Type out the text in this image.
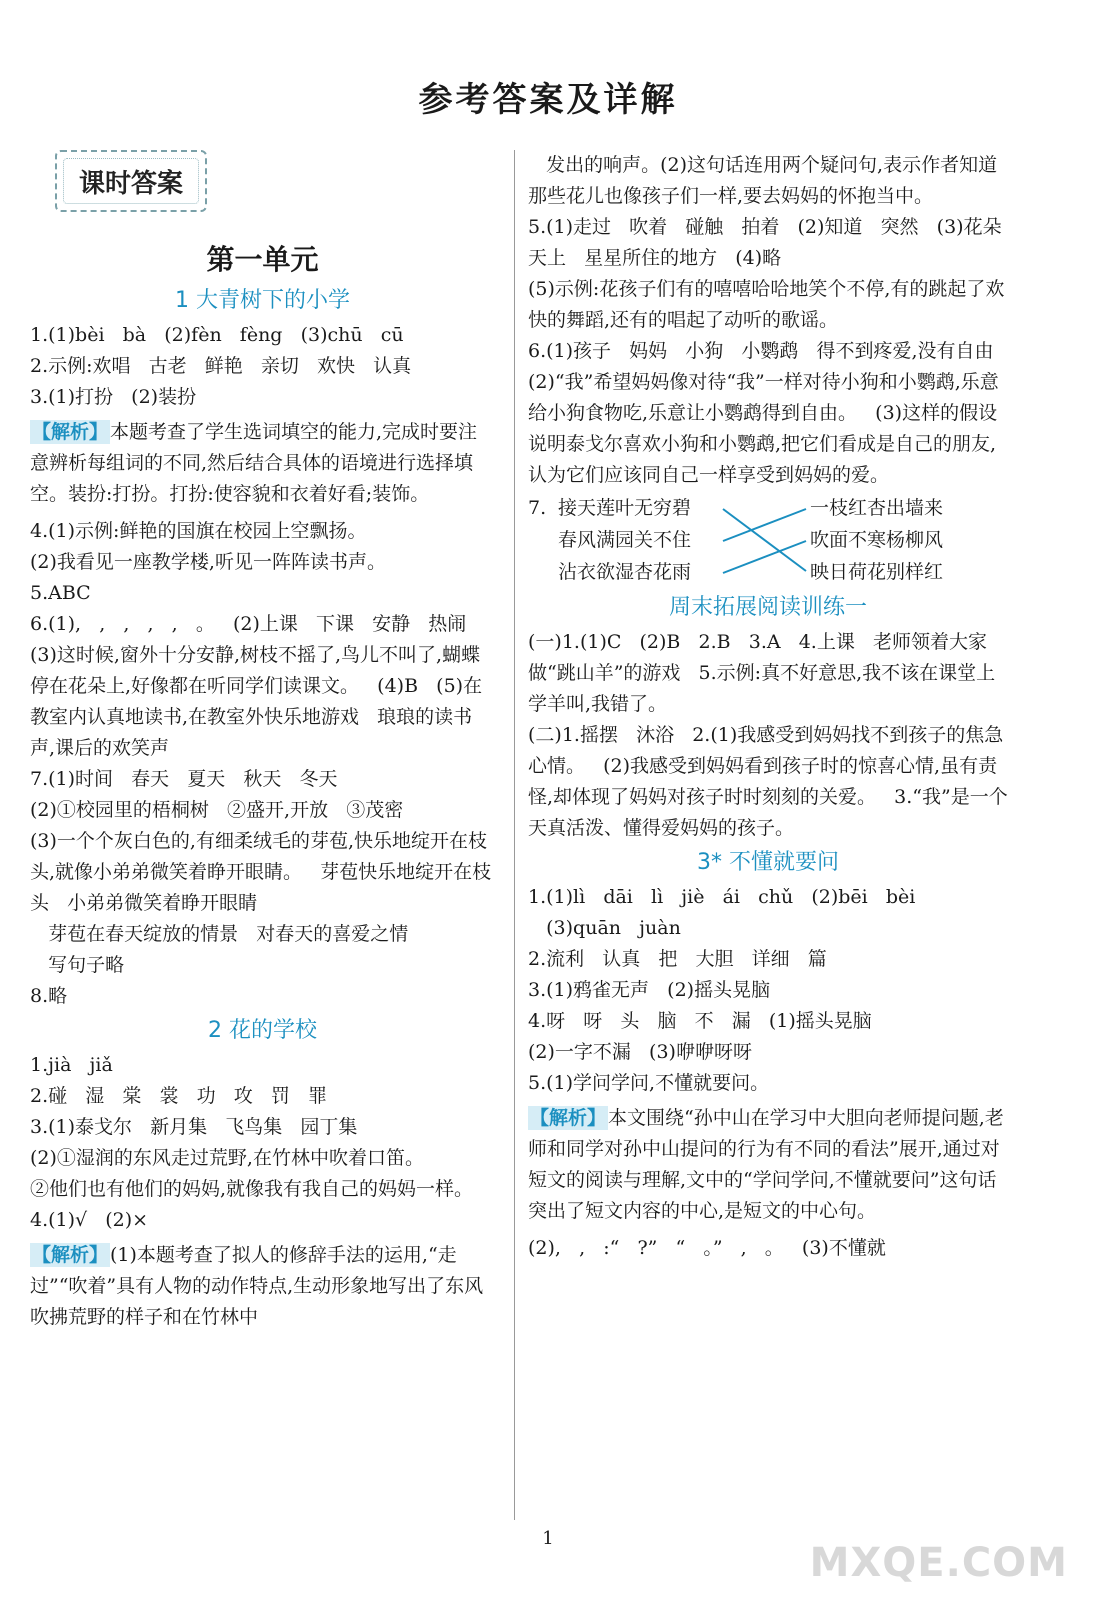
参考答案及详解
课时答案
第一单元
1 大青树下的小学
1.(1)bèi   bà   (2)fèn   fèng   (3)chū   cū
2.示例:欢唱   古老   鲜艳   亲切   欢快   认真
3.(1)打扮   (2)装扮
【解析】 本题考查了学生选词填空的能力,完成时要注意辨析每组词的不同,然后结合具体的语境进行选择填空。装扮:打扮。打扮:使容貌和衣着好看;装饰。
4.(1)示例:鲜艳的国旗在校园上空飘扬。
(2)我看见一座教学楼,听见一阵阵读书声。
5.ABC
6.(1),   ,   ,   ,   ,   。   (2)上课   下课   安静   热闹   (3)这时候,窗外十分安静,树枝不摇了,鸟儿不叫了,蝴蝶停在花朵上,好像都在听同学们读课文。   (4)B   (5)在教室内认真地读书,在教室外快乐地游戏   琅琅的读书声,课后的欢笑声
7.(1)时间   春天   夏天   秋天   冬天
(2)①校园里的梧桐树   ②盛开,开放   ③茂密
(3)一个个灰白色的,有细柔绒毛的芽苞,快乐地绽开在枝头,就像小弟弟微笑着睁开眼睛。   芽苞快乐地绽开在枝头   小弟弟微笑着睁开眼睛
芽苞在春天绽放的情景   对春天的喜爱之情
写句子略
8.略
2 花的学校
1.jià   jiǎ
2.碰   湿   棠   裳   功   攻   罚   罪
3.(1)泰戈尔   新月集   飞鸟集   园丁集
(2)①湿润的东风走过荒野,在竹林中吹着口笛。
②他们也有他们的妈妈,就像我有我自己的妈妈一样。
4.(1)√   (2)×
【解析】 (1)本题考查了拟人的修辞手法的运用,“走过”“吹着”具有人物的动作特点,生动形象地写出了东风吹拂荒野的样子和在竹林中
发出的响声。(2)这句话连用两个疑问句,表示作者知道那些花儿也像孩子们一样,要去妈妈的怀抱当中。
5.(1)走过   吹着   碰触   拍着   (2)知道   突然   (3)花朵   天上   星星所住的地方   (4)略
(5)示例:花孩子们有的嘻嘻哈哈地笑个不停,有的跳起了欢快的舞蹈,还有的唱起了动听的歌谣。
6.(1)孩子   妈妈   小狗   小鹦鹉   得不到疼爱,没有自由   (2)“我”希望妈妈像对待“我”一样对待小狗和小鹦鹉,乐意给小狗食物吃,乐意让小鹦鹉得到自由。   (3)这样的假设说明泰戈尔喜欢小狗和小鹦鹉,把它们看成是自己的朋友,认为它们应该同自己一样享受到妈妈的爱。
7. 接天莲叶无穷碧
春风满园关不住
沾衣欲湿杏花雨
一枝红杏出墙来
吹面不寒杨柳风
映日荷花别样红
周末拓展阅读训练一
(一)1.(1)C   (2)B   2.B   3.A   4.上课   老师领着大家做“跳山羊”的游戏   5.示例:真不好意思,我不该在课堂上学羊叫,我错了。
(二)1.摇摆   沐浴   2.(1)我感受到妈妈找不到孩子的焦急心情。   (2)我感受到妈妈看到孩子时的惊喜心情,虽有责怪,却体现了妈妈对孩子时时刻刻的关爱。   3.“我”是一个天真活泼、懂得爱妈妈的孩子。
3* 不懂就要问
1.(1)lì   dāi   lì   jiè   ái   chǔ   (2)bēi   bèi
(3)quān   juàn
2.流利   认真   把   大胆   详细   篇
3.(1)鸦雀无声   (2)摇头晃脑
4.呀   呀   头   脑   不   漏   (1)摇头晃脑
(2)一字不漏   (3)咿咿呀呀
5.(1)学问学问,不懂就要问。
【解析】 本文围绕“孙中山在学习中大胆向老师提问题,老师和同学对孙中山提问的行为有不同的看法”展开,通过对短文的阅读与理解,文中的“学问学问,不懂就要问”这句话突出了短文内容的中心,是短文的中心句。
(2),   ,   :“   ?”   “   。”   ,   。   (3)不懂就
1
MXQE.COM
